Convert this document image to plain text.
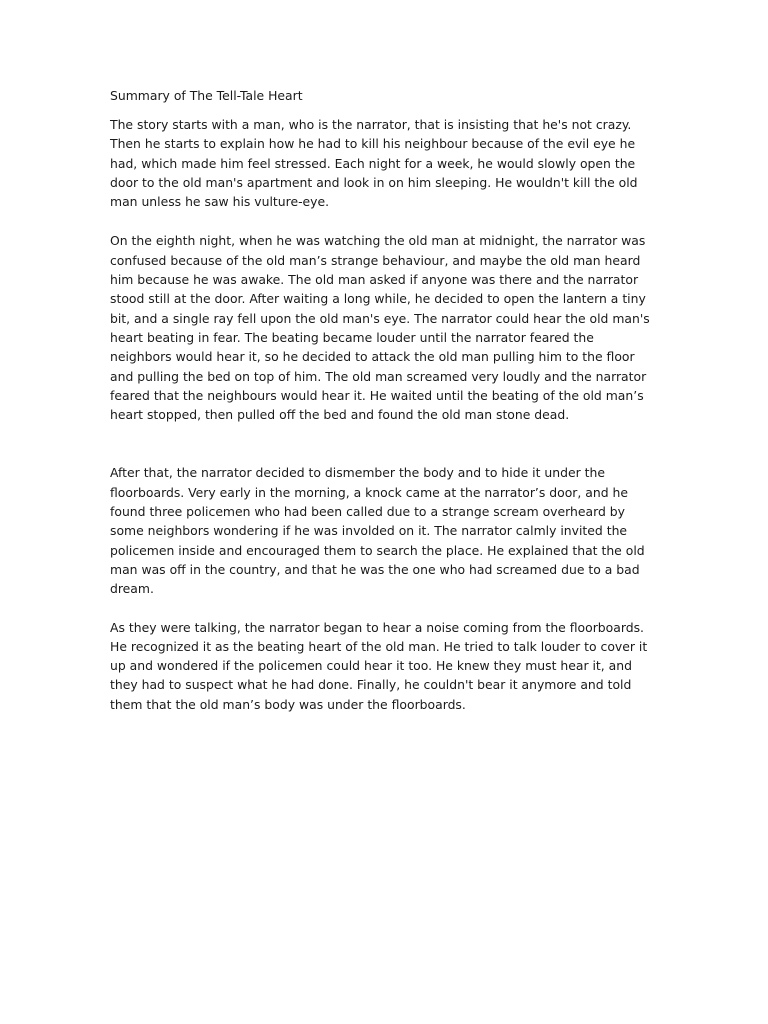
Summary of The Tell-Tale Heart

The story starts with a man, who is the narrator, that is insisting that he's not crazy. Then he starts to explain how he had to kill his neighbour because of the evil eye he had, which made him feel stressed. Each night for a week, he would slowly open the door to the old man's apartment and look in on him sleeping. He wouldn't kill the old man unless he saw his vulture-eye.

On the eighth night, when he was watching the old man at midnight, the narrator was confused because of the old man’s strange behaviour, and maybe the old man heard him because he was awake. The old man asked if anyone was there and the narrator stood still at the door. After waiting a long while, he decided to open the lantern a tiny bit, and a single ray fell upon the old man's eye. The narrator could hear the old man's heart beating in fear. The beating became louder until the narrator feared the neighbors would hear it, so he decided to attack the old man pulling him to the floor and pulling the bed on top of him. The old man screamed very loudly and the narrator feared that the neighbours would hear it. He waited until the beating of the old man’s heart stopped, then pulled off the bed and found the old man stone dead.

After that, the narrator decided to dismember the body and to hide it under the floorboards. Very early in the morning, a knock came at the narrator’s door, and he found three policemen who had been called due to a strange scream overheard by some neighbors wondering if he was involded on it. The narrator calmly invited the policemen inside and encouraged them to search the place. He explained that the old man was off in the country, and that he was the one who had screamed due to a bad dream.

As they were talking, the narrator began to hear a noise coming from the floorboards. He recognized it as the beating heart of the old man. He tried to talk louder to cover it up and wondered if the policemen could hear it too. He knew they must hear it, and they had to suspect what he had done. Finally, he couldn't bear it anymore and told them that the old man’s body was under the floorboards.
